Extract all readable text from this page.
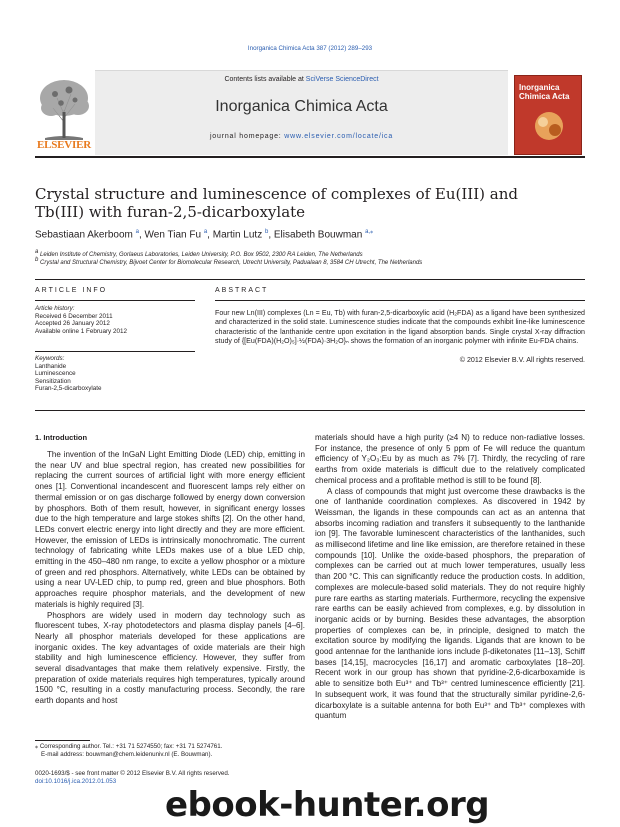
Inorganica Chimica Acta 387 (2012) 289–293
ELSEVIER
Contents lists available at SciVerse ScienceDirect
Inorganica Chimica Acta
journal homepage: www.elsevier.com/locate/ica
Inorganica Chimica Acta
Crystal structure and luminescence of complexes of Eu(III) and Tb(III) with furan-2,5-dicarboxylate
Sebastiaan Akerboom $^a$, Wen Tian Fu $^a$, Martin Lutz $^b$, Elisabeth Bouwman $^{a,⁎}$
$^a$ Leiden Institute of Chemistry, Gorlaeus Laboratories, Leiden University, P.O. Box 9502, 2300 RA Leiden, The Netherlands
$^b$ Crystal and Structural Chemistry, Bijvoet Center for Biomolecular Research, Utrecht University, Padualaan 8, 3584 CH Utrecht, The Netherlands
ARTICLE INFO
Article history:
Received 6 December 2011
Accepted 26 January 2012
Available online 1 February 2012
Keywords:
Lanthanide
Luminescence
Sensitization
Furan-2,5-dicarboxylate
ABSTRACT
Four new Ln(III) complexes (Ln = Eu, Tb) with furan-2,5-dicarboxylic acid (H₂FDA) as a ligand have been synthesized and characterized in the solid state. Luminescence studies indicate that the compounds exhibit line-like luminescence characteristic of the lanthanide centre upon excitation in the ligand absorption bands. Single crystal X-ray diffraction study of {[Eu(FDA)(H₂O)₅]·½(FDA)·3H₂O}ₙ shows the formation of an inorganic polymer with infinite Eu-FDA chains.
© 2012 Elsevier B.V. All rights reserved.
1. Introduction

The invention of the InGaN Light Emitting Diode (LED) chip, emitting in the near UV and blue spectral region, has created new possibilities for replacing the current sources of artificial light with more energy efficient ones [1]. Conventional incandescent and fluorescent lamps rely either on thermal emission or on gas discharge followed by energy down conversion by phosphors. Both of them result, however, in significant energy losses due to the high temperature and large stokes shifts [2]. On the other hand, LEDs convert electric energy into light directly and they are more efficient. However, the emission of LEDs is intrinsically monochromatic. The current technology of fabricating white LEDs makes use of a blue LED chip, emitting in the 450–480 nm range, to excite a yellow phosphor or a mixture of green and red phosphors. Alternatively, white LEDs can be obtained by using a near UV-LED chip, to pump red, green and blue phosphors. Both approaches require phosphor materials, and the development of new materials is highly required [3].

Phosphors are widely used in modern day technology such as fluorescent tubes, X-ray photodetectors and plasma display panels [4–6]. Nearly all phosphor materials developed for these applications are inorganic oxides. The key advantages of oxide materials are their high stability and high luminescence efficiency. However, they suffer from several disadvantages that make them relatively expensive. Firstly, the preparation of oxide materials requires high temperatures, typically around 1500 °C, resulting in a costly manufacturing process. Secondly, the rare earth dopants and host

materials should have a high purity (≥4 N) to reduce non-radiative losses. For instance, the presence of only 5 ppm of Fe will reduce the quantum efficiency of Y₂O₃:Eu by as much as 7% [7]. Thirdly, the recycling of rare earths from oxide materials is difficult due to the relatively complicated chemical process and a profitable method is still to be found [8].

A class of compounds that might just overcome these drawbacks is the one of lanthanide coordination complexes. As discovered in 1942 by Weissman, the ligands in these compounds can act as an antenna that absorbs incoming radiation and transfers it subsequently to the lanthanide ion [9]. The favorable luminescent characteristics of the lanthanides, such as millisecond lifetime and line like emission, are therefore retained in these compounds [10]. Unlike the oxide-based phosphors, the preparation of complexes can be carried out at much lower temperatures, usually less than 200 °C. This can significantly reduce the production costs. In addition, complexes are molecule-based solid materials. They do not require highly pure rare earths as starting materials. Furthermore, recycling the expensive rare earths can be easily achieved from complexes, e.g. by dissolution in inorganic acids or by burning. Besides these advantages, the absorption properties of complexes can be, in principle, designed to match the excitation source by modifying the ligands. Ligands that are known to be good antennae for the lanthanide ions include β-diketonates [11–13], Schiff bases [14,15], macrocycles [16,17] and aromatic carboxylates [18–20]. Recent work in our group has shown that pyridine-2,6-dicarboxamide is able to sensitize both Eu³⁺ and Tb³⁺ centred luminescence efficiently [21]. In subsequent work, it was found that the structurally similar pyridine-2,6-dicarboxylate is a suitable antenna for both Eu³⁺ and Tb³⁺ complexes with quantum

⁎ Corresponding author. Tel.: +31 71 5274550; fax: +31 71 5274761.
E-mail address: bouwman@chem.leidenuniv.nl (E. Bouwman).
0020-1693/$ - see front matter © 2012 Elsevier B.V. All rights reserved.
doi:10.1016/j.ica.2012.01.053
ebook-hunter.org
